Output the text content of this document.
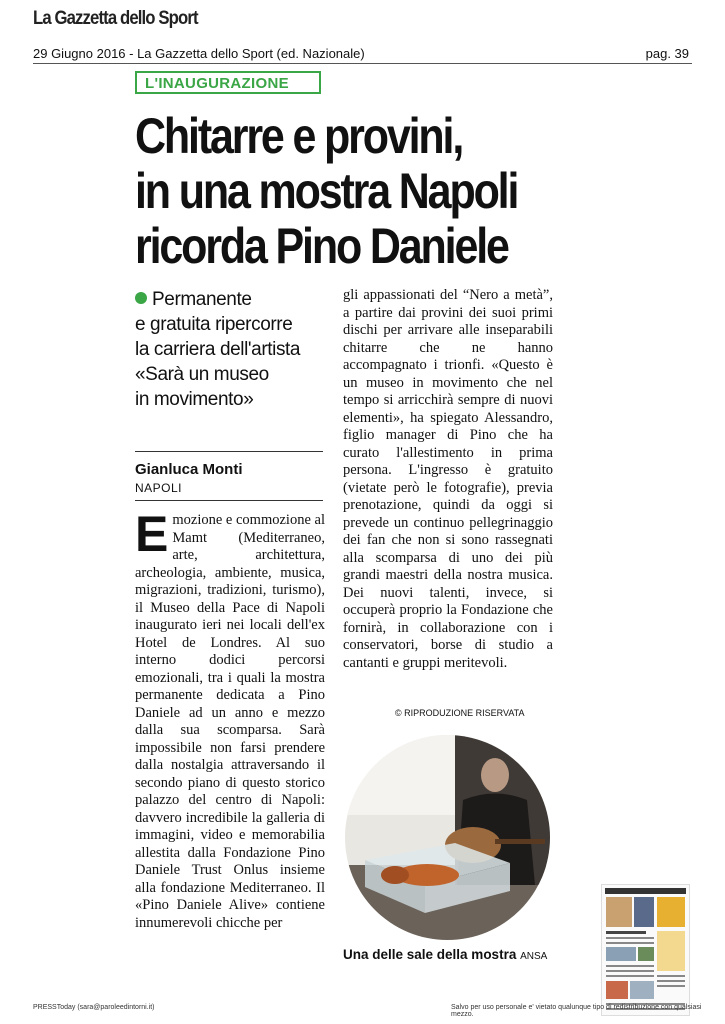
La Gazzetta dello Sport
29 Giugno 2016 - La Gazzetta dello Sport (ed. Nazionale)	pag. 39
L'INAUGURAZIONE
Chitarre e provini,
in una mostra Napoli
ricorda Pino Daniele
Permanente
e gratuita ripercorre
la carriera dell'artista
«Sarà un museo
in movimento»
Gianluca Monti
NAPOLI
Emozione e commozione al Mamt (Mediterraneo, arte, architettura, archeologia, ambiente, musica, migrazioni, tradizioni, turismo), il Museo della Pace di Napoli inaugurato ieri nei locali dell'ex Hotel de Londres. Al suo interno dodici percorsi emozionali, tra i quali la mostra permanente dedicata a Pino Daniele ad un anno e mezzo dalla sua scomparsa. Sarà impossibile non farsi prendere dalla nostalgia attraversando il secondo piano di questo storico palazzo del centro di Napoli: davvero incredibile la galleria di immagini, video e memorabilia allestita dalla Fondazione Pino Daniele Trust Onlus insieme alla fondazione Mediterraneo. Il «Pino Daniele Alive» contiene innumerevoli chicche per
gli appassionati del “Nero a metà”, a partire dai provini dei suoi primi dischi per arrivare alle inseparabili chitarre che ne hanno accompagnato i trionfi. «Questo è un museo in movimento che nel tempo si arricchirà sempre di nuovi elementi», ha spiegato Alessandro, figlio manager di Pino che ha curato l'allestimento in prima persona. L'ingresso è gratuito (vietate però le fotografie), previa prenotazione, quindi da oggi si prevede un continuo pellegrinaggio dei fan che non si sono rassegnati alla scomparsa di uno dei più grandi maestri della nostra musica. Dei nuovi talenti, invece, si occuperà proprio la Fondazione che fornirà, in collaborazione con i conservatori, borse di studio a cantanti e gruppi meritevoli.
© RIPRODUZIONE RISERVATA
Una delle sale della mostra ANSA
PRESSToday (sara@paroleedintorni.it)	Salvo per uso personale e' vietato qualunque tipo di redistribuzione con qualsiasi mezzo.
